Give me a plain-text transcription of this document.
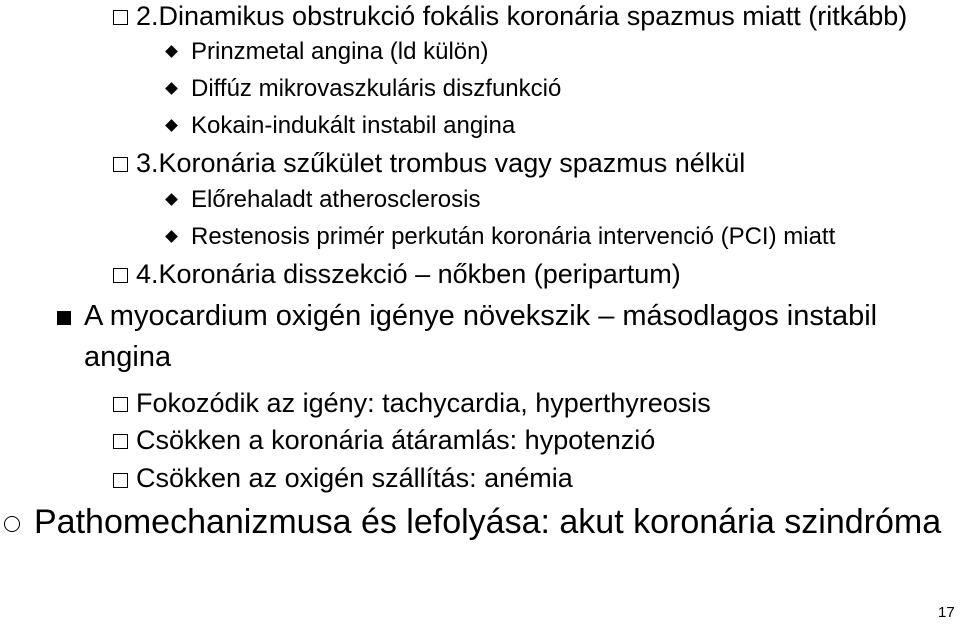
2.Dinamikus obstrukció fokális koronária spazmus miatt (ritkább)
Prinzmetal angina (ld külön)
Diffúz mikrovaszkuláris diszfunkció
Kokain-indukált instabil angina
3.Koronária szűkület trombus vagy spazmus nélkül
Előrehaladt atherosclerosis
Restenosis primér perkután koronária intervenció (PCI) miatt
4.Koronária disszekció – nőkben (peripartum)
A myocardium oxigén igénye növekszik – másodlagos instabil
angina
Fokozódik az igény: tachycardia, hyperthyreosis
Csökken a koronária átáramlás: hypotenzió
Csökken az oxigén szállítás: anémia
Pathomechanizmusa és lefolyása: akut koronária szindróma
17
